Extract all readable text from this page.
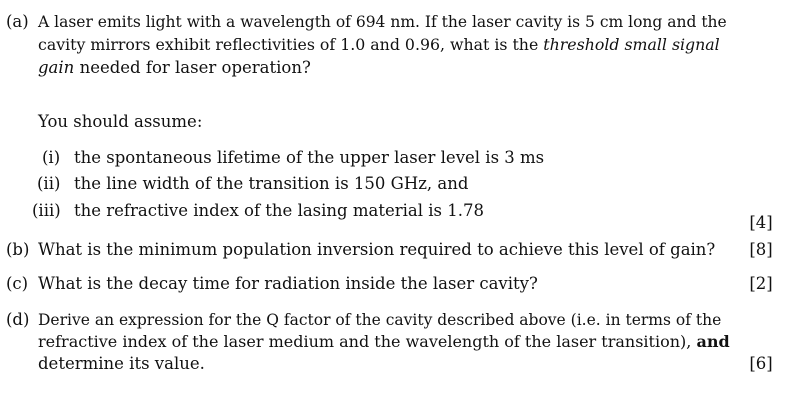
(a) A laser emits light with a wavelength of 694 nm. If the laser cavity is 5 cm long and the
cavity mirrors exhibit reflectivities of 1.0 and 0.96, what is the threshold small signal
gain needed for laser operation?
You should assume:
(i) the spontaneous lifetime of the upper laser level is 3 ms
(ii) the line width of the transition is 150 GHz, and
(iii) the refractive index of the lasing material is 1.78
[4]
(b) What is the minimum population inversion required to achieve this level of gain? [8]
(c) What is the decay time for radiation inside the laser cavity?	[2]
(d) Derive an expression for the Q factor of the cavity described above (i.e. in terms of the
refractive index of the laser medium and the wavelength of the laser transition), and
determine its value.	[6]
